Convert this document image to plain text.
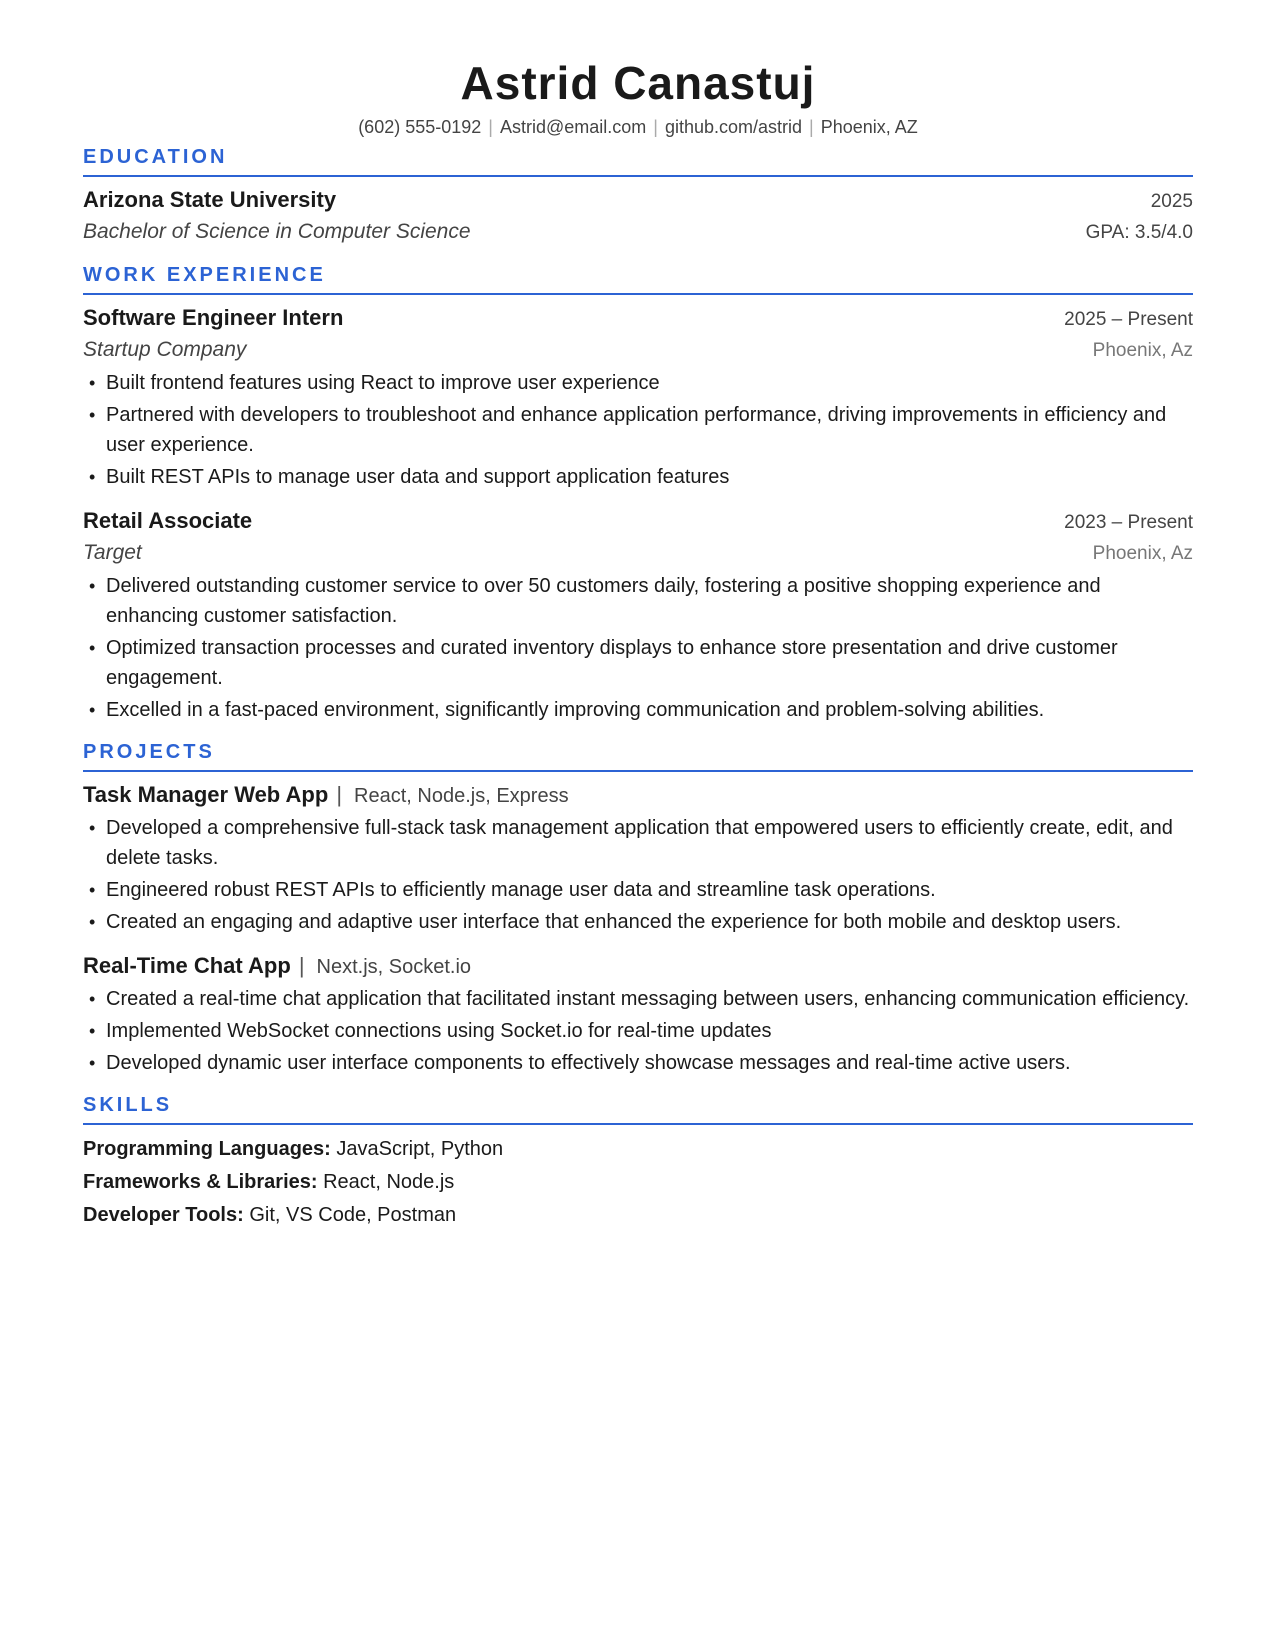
Astrid Canastuj
(602) 555-0192 | Astrid@email.com | github.com/astrid | Phoenix, AZ
EDUCATION
Arizona State University	2025
Bachelor of Science in Computer Science	GPA: 3.5/4.0
WORK EXPERIENCE
Software Engineer Intern	2025 – Present
Startup Company	Phoenix, Az
• Built frontend features using React to improve user experience
• Partnered with developers to troubleshoot and enhance application performance, driving improvements in efficiency and user experience.
• Built REST APIs to manage user data and support application features
Retail Associate	2023 – Present
Target	Phoenix, Az
• Delivered outstanding customer service to over 50 customers daily, fostering a positive shopping experience and enhancing customer satisfaction.
• Optimized transaction processes and curated inventory displays to enhance store presentation and drive customer engagement.
• Excelled in a fast-paced environment, significantly improving communication and problem-solving abilities.
PROJECTS
Task Manager Web App | React, Node.js, Express
• Developed a comprehensive full-stack task management application that empowered users to efficiently create, edit, and delete tasks.
• Engineered robust REST APIs to efficiently manage user data and streamline task operations.
• Created an engaging and adaptive user interface that enhanced the experience for both mobile and desktop users.
Real-Time Chat App | Next.js, Socket.io
• Created a real-time chat application that facilitated instant messaging between users, enhancing communication efficiency.
• Implemented WebSocket connections using Socket.io for real-time updates
• Developed dynamic user interface components to effectively showcase messages and real-time active users.
SKILLS
Programming Languages: JavaScript, Python
Frameworks & Libraries: React, Node.js
Developer Tools: Git, VS Code, Postman
